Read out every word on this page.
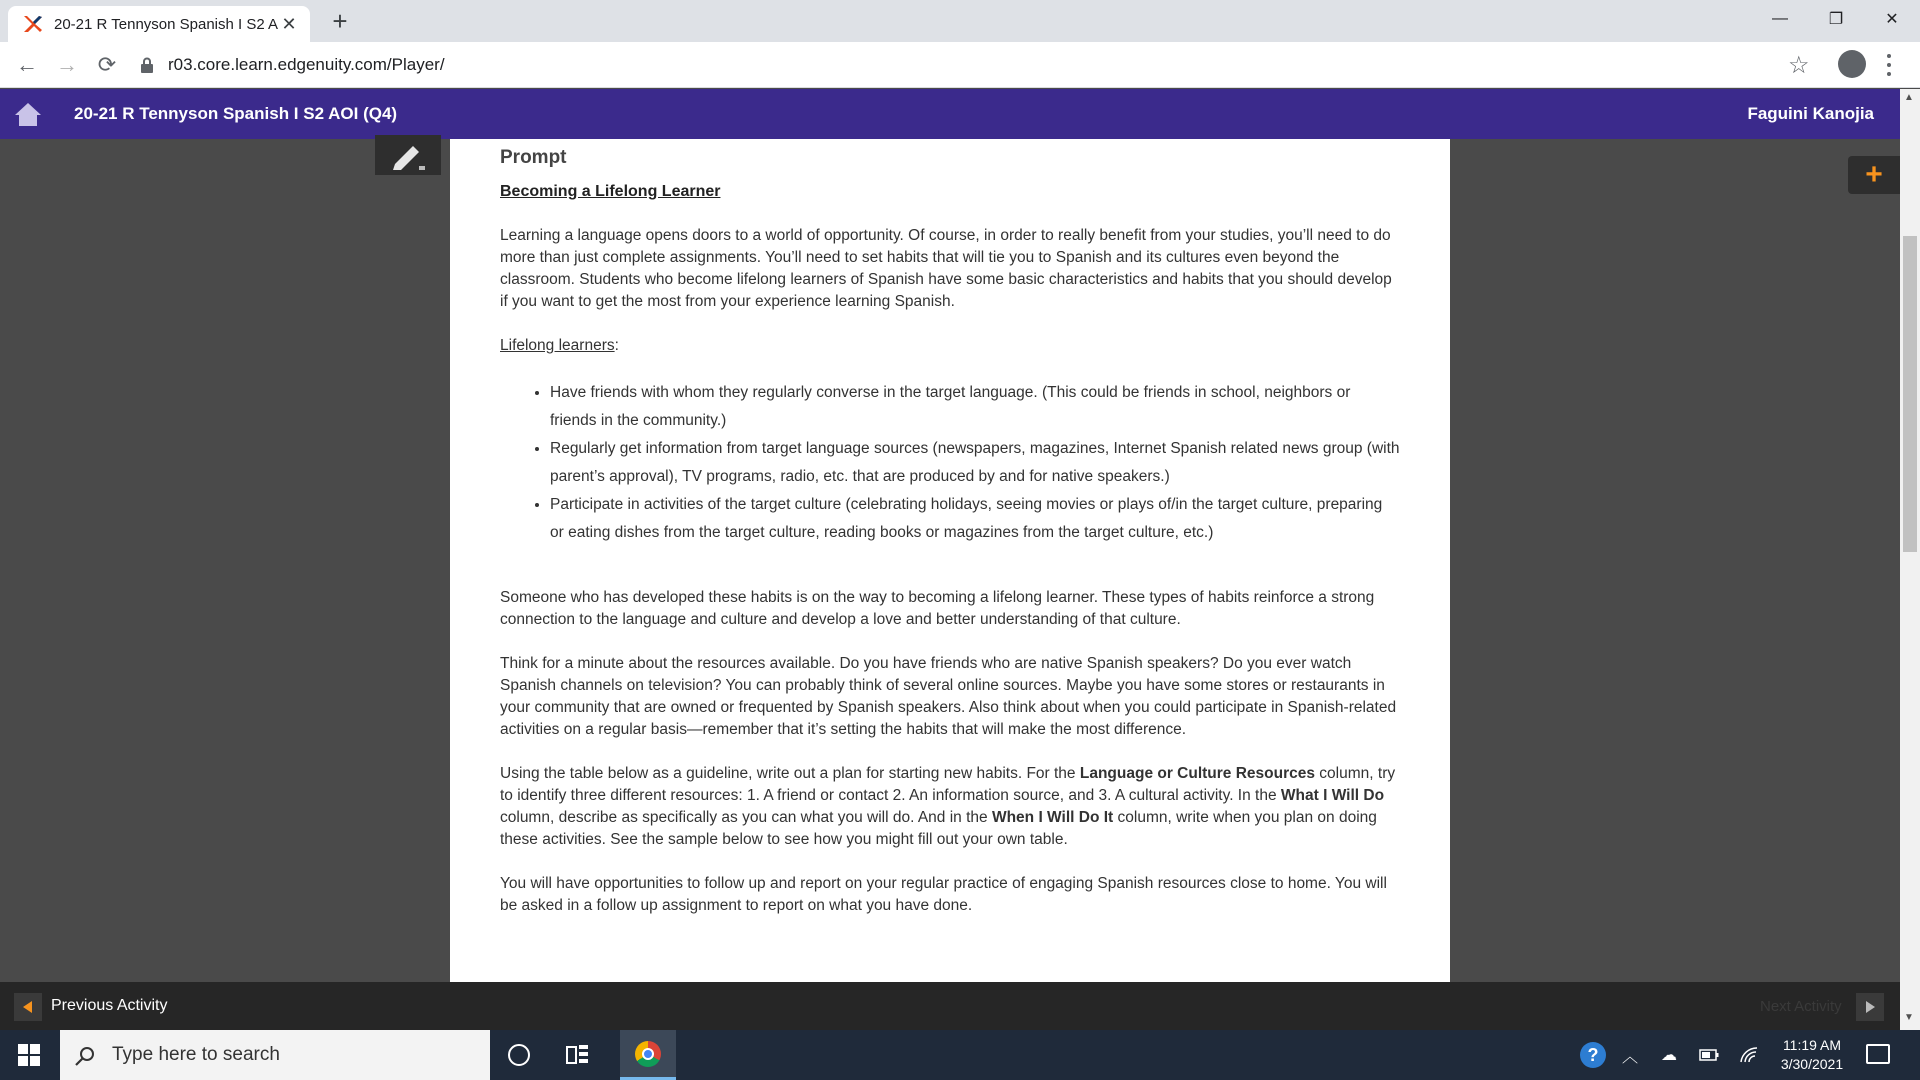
20-21 R Tennyson Spanish I S2 A ✕	+	—	❐	✕
← → ⟳	r03.core.learn.edgenuity.com/Player/	☆
20-21 R Tennyson Spanish I S2 AOI (Q4)	Faguini Kanojia
▲
▼
+
Prompt
Becoming a Lifelong Learner

Learning a language opens doors to a world of opportunity. Of course, in order to really benefit from your studies, you’ll need to do more than just complete assignments. You’ll need to set habits that will tie you to Spanish and its cultures even beyond the classroom. Students who become lifelong learners of Spanish have some basic characteristics and habits that you should develop if you want to get the most from your experience learning Spanish.

Lifelong learners:

• Have friends with whom they regularly converse in the target language. (This could be friends in school, neighbors or friends in the community.)
• Regularly get information from target language sources (newspapers, magazines, Internet Spanish related news group (with parent’s approval), TV programs, radio, etc. that are produced by and for native speakers.)
• Participate in activities of the target culture (celebrating holidays, seeing movies or plays of/in the target culture, preparing or eating dishes from the target culture, reading books or magazines from the target culture, etc.)

Someone who has developed these habits is on the way to becoming a lifelong learner. These types of habits reinforce a strong connection to the language and culture and develop a love and better understanding of that culture.

Think for a minute about the resources available. Do you have friends who are native Spanish speakers? Do you ever watch Spanish channels on television? You can probably think of several online sources. Maybe you have some stores or restaurants in your community that are owned or frequented by Spanish speakers. Also think about when you could participate in Spanish-related activities on a regular basis—remember that it’s setting the habits that will make the most difference.

Using the table below as a guideline, write out a plan for starting new habits. For the Language or Culture Resources column, try to identify three different resources: 1. A friend or contact 2. An information source, and 3. A cultural activity. In the What I Will Do column, describe as specifically as you can what you will do. And in the When I Will Do It column, write when you plan on doing these activities. See the sample below to see how you might fill out your own table.

You will have opportunities to follow up and report on your regular practice of engaging Spanish resources close to home. You will be asked in a follow up assignment to report on what you have done.

Previous Activity	Next Activity
Type here to search	?	︿	☁
11:19 AM
3/30/2021
